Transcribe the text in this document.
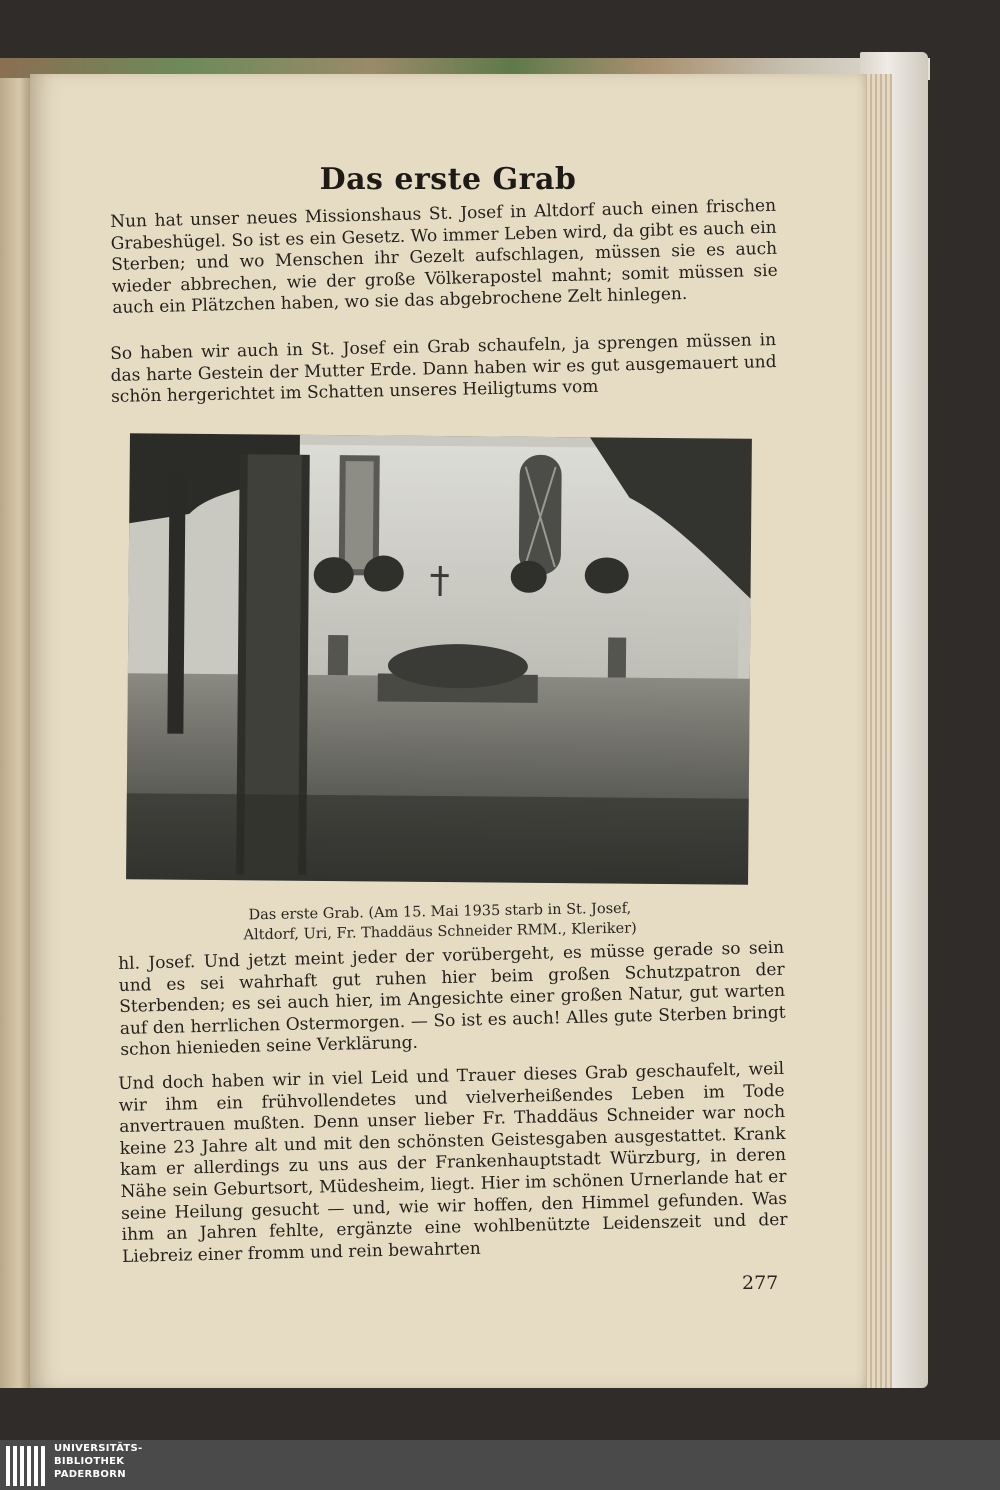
Das erste Grab

Nun hat unser neues Missionshaus St. Josef in Altdorf auch einen frischen Grabeshügel. So ist es ein Gesetz. Wo immer Leben wird, da gibt es auch ein Sterben; und wo Menschen ihr Gezelt aufschlagen, müssen sie es auch wieder abbrechen, wie der große Völkerapostel mahnt; somit müssen sie auch ein Plätzchen haben, wo sie das abgebrochene Zelt hinlegen.

So haben wir auch in St. Josef ein Grab schaufeln, ja sprengen müssen in das harte Gestein der Mutter Erde. Dann haben wir es gut ausgemauert und schön hergerichtet im Schatten unseres Heiligtums vom

Das erste Grab. (Am 15. Mai 1935 starb in St. Josef,
Altdorf, Uri, Fr. Thaddäus Schneider RMM., Kleriker)

hl. Josef. Und jetzt meint jeder der vorübergeht, es müsse gerade so sein und es sei wahrhaft gut ruhen hier beim großen Schutzpatron der Sterbenden; es sei auch hier, im Angesichte einer großen Natur, gut warten auf den herrlichen Ostermorgen. — So ist es auch! Alles gute Sterben bringt schon hienieden seine Verklärung.

Und doch haben wir in viel Leid und Trauer dieses Grab geschaufelt, weil wir ihm ein frühvollendetes und vielverheißendes Leben im Tode anvertrauen mußten. Denn unser lieber Fr. Thaddäus Schneider war noch keine 23 Jahre alt und mit den schönsten Geistesgaben ausgestattet. Krank kam er allerdings zu uns aus der Frankenhauptstadt Würzburg, in deren Nähe sein Geburtsort, Müdesheim, liegt. Hier im schönen Urnerlande hat er seine Heilung gesucht — und, wie wir hoffen, den Himmel gefunden. Was ihm an Jahren fehlte, ergänzte eine wohlbenützte Leidenszeit und der Liebreiz einer fromm und rein bewahrten

277
UNIVERSITÄTS-
BIBLIOTHEK
PADERBORN
